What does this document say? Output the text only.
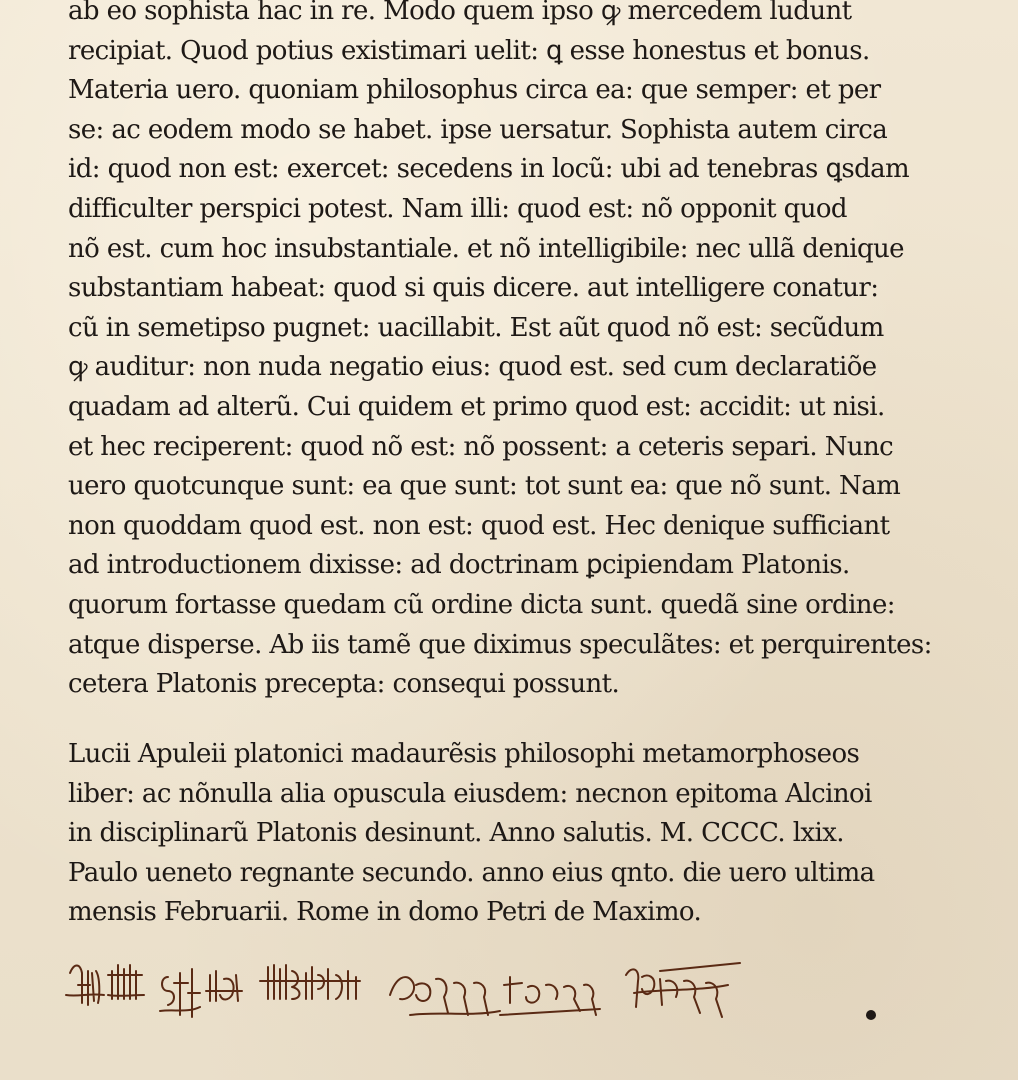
ab eo sophista hac in re. Modo quem ipso ꝙ mercedem ludunt
recipiat. Quod potius existimari uelit: ꝗ esse honestus et bonus.
Materia uero. quoniam philosophus circa ea: que semper: et per
se: ac eodem modo se habet. ipse uersatur. Sophista autem circa
id: quod non est: exercet: secedens in locũ: ubi ad tenebras ꝗsdam
difficulter perspici potest. Nam illi: quod est: nõ opponit quod
nõ est. cum hoc insubstantiale. et nõ intelligibile: nec ullã denique
substantiam habeat: quod si quis dicere. aut intelligere conatur:
cũ in semetipso pugnet: uacillabit. Est aũt quod nõ est: secũdum
ꝙ auditur: non nuda negatio eius: quod est. sed cum declaratiõe
quadam ad alterũ. Cui quidem et primo quod est: accidit: ut nisi.
et hec reciperent: quod nõ est: nõ possent: a ceteris separi. Nunc
uero quotcunque sunt: ea que sunt: tot sunt ea: que nõ sunt. Nam
non quoddam quod est. non est: quod est. Hec denique sufficiant
ad introductionem dixisse: ad doctrinam ꝑcipiendam Platonis.
quorum fortasse quedam cũ ordine dicta sunt. quedã sine ordine:
atque disperse. Ab iis tamẽ que diximus speculãtes: et perquirentes:
cetera Platonis precepta: consequi possunt.
Lucii Apuleii platonici madaurẽsis philosophi metamorphoseos
liber: ac nõnulla alia opuscula eiusdem: necnon epitoma Alcinoi
in disciplinarũ Platonis desinunt. Anno salutis. M. CCCC. lxix.
Paulo ueneto regnante secundo. anno eius qnto. die uero ultima
mensis Februarii. Rome in domo Petri de Maximo.
